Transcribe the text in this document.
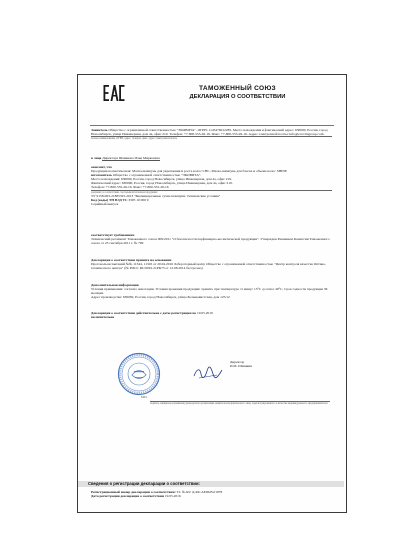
ТАМОЖЕННЫЙ СОЮЗ
ДЕКЛАРАЦИЯ О СООТВЕТСТВИИ
Заявитель Общество с ограниченной ответственностью "ЭКОВИТА". ОГРН: 1145476012285. Место нахождения и фактический адрес: 630090, Россия, город Новосибирск, улица Инженерная, дом 4а, офис 219. Телефон: +7-800-555-26-16. Факс: +7-800-555-26-16. Адрес электронной почты: info@ecovitagroup.com.
полное наименование, ОГРН, адрес, телефон, факс, адрес электронной почты
в лице Директора Шевякова Ильи Мирковича
заявляет, что
Продукция косметическая: Маска-шампунь для укрепления и роста волос СНС, Маска-шампунь для блеска и объема волос SHINE
изготовитель Общество с ограниченной ответственностью "ЭКОВИТА".
Место нахождения: 630090, Россия, город Новосибирск, улица Инженерная, дом 4а, офис 219.
Фактический адрес: 630090, Россия, город Новосибирск, улица Инженерная, дом 4а, офис 219.
Телефон: +7-800-555-26-16. Факс: +7-800-555-26-16
документ, в соответствии с которым изготовлена продукция
ТУ 9158-003-21885325-2013 "Биоминеральные сухие шампуни. Технические условия"
Код (коды) ТН ВЭД ТС 3305 10 000 9
Серийный выпуск
соответствует требованиям
Технический регламент Таможенного союза 009/2011 "О безопасности парфюмерно-косметической продукции". Утвержден Решением Комиссии Таможенного союза от 23 сентября 2011 г. № 799
Декларация о соответствии принята на основании
Протоколы испытаний №№ 11344, 11345 от 20.04.2016 Лабораторный центр Общество с ограниченной ответственностью "Центр контроля качества Оптико-технического центра" (№ РОСС RU.0001.21РК75 от 12.08.2014 бессрочно)
Дополнительная информация
Условия применения: согласно аннотации. Условия хранения продукции: хранить при температуре от минус 15°С до плюс 40°С. Срок годности продукции 36 месяцев.
Адрес производства: 630082, Россия, город Новосибирск, улица Большевистская, дом 125/12
Декларация о соответствии действительна с даты регистрации по 19.05.2019
включительно
Директор
И.М. Шевякин
М.П.
подпись, инициалы и фамилия руководителя организации-заявителя или физического лица, зарегистрированного в качестве индивидуального предпринимателя
Сведения о регистрации декларации о соответствии:
Регистрационный номер декларации о соответствии: ТС № RU Д-RU.AE96.B.01878
Дата регистрации декларации о соответствии 19.05.2016
